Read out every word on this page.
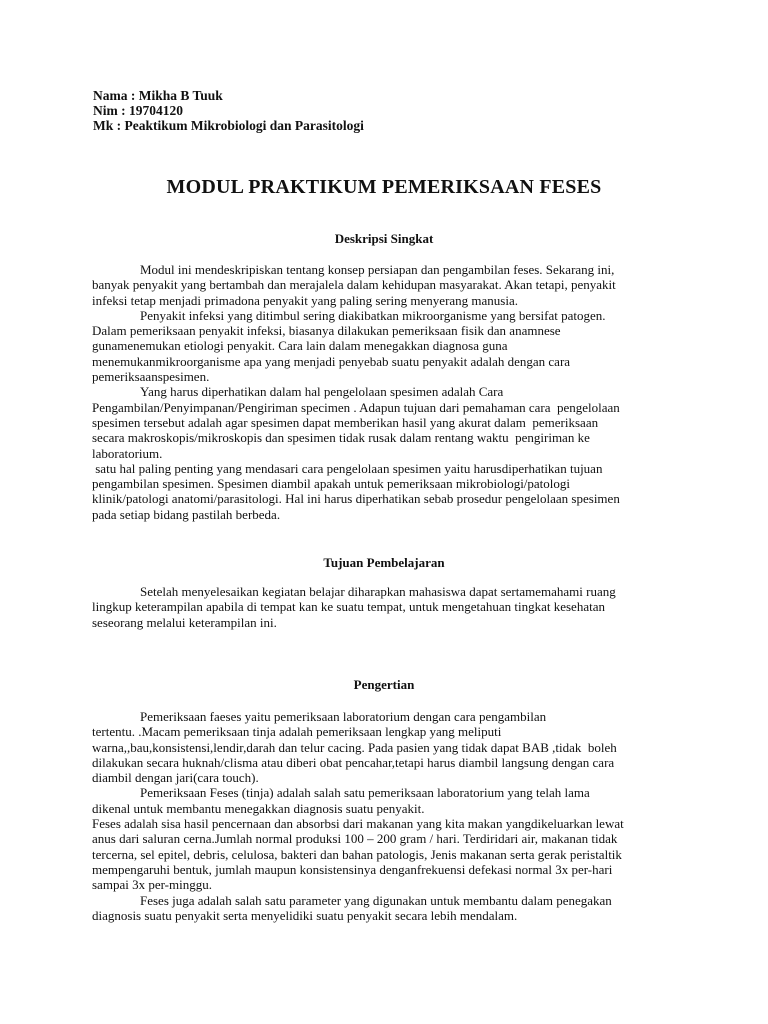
Nama : Mikha B Tuuk
Nim : 19704120
Mk : Peaktikum Mikrobiologi dan Parasitologi
MODUL PRAKTIKUM PEMERIKSAAN FESES
Deskripsi Singkat
Modul ini mendeskripiskan tentang konsep persiapan dan pengambilan feses. Sekarang ini,
banyak penyakit yang bertambah dan merajalela dalam kehidupan masyarakat. Akan tetapi, penyakit
infeksi tetap menjadi primadona penyakit yang paling sering menyerang manusia.
Penyakit infeksi yang ditimbul sering diakibatkan mikroorganisme yang bersifat patogen.
Dalam pemeriksaan penyakit infeksi, biasanya dilakukan pemeriksaan fisik dan anamnese
gunamenemukan etiologi penyakit. Cara lain dalam menegakkan diagnosa guna
menemukanmikroorganisme apa yang menjadi penyebab suatu penyakit adalah dengan cara
pemeriksaanspesimen.
Yang harus diperhatikan dalam hal pengelolaan spesimen adalah Cara
Pengambilan/Penyimpanan/Pengiriman specimen . Adapun tujuan dari pemahaman cara  pengelolaan
spesimen tersebut adalah agar spesimen dapat memberikan hasil yang akurat dalam  pemeriksaan
secara makroskopis/mikroskopis dan spesimen tidak rusak dalam rentang waktu  pengiriman ke
laboratorium.
satu hal paling penting yang mendasari cara pengelolaan spesimen yaitu harusdiperhatikan tujuan
pengambilan spesimen. Spesimen diambil apakah untuk pemeriksaan mikrobiologi/patologi
klinik/patologi anatomi/parasitologi. Hal ini harus diperhatikan sebab prosedur pengelolaan spesimen
pada setiap bidang pastilah berbeda.
Tujuan Pembelajaran
Setelah menyelesaikan kegiatan belajar diharapkan mahasiswa dapat sertamemahami ruang
lingkup keterampilan apabila di tempat kan ke suatu tempat, untuk mengetahuan tingkat kesehatan
seseorang melalui keterampilan ini.
Pengertian
Pemeriksaan faeses yaitu pemeriksaan laboratorium dengan cara pengambilan
tertentu. .Macam pemeriksaan tinja adalah pemeriksaan lengkap yang meliputi
warna,,bau,konsistensi,lendir,darah dan telur cacing. Pada pasien yang tidak dapat BAB ,tidak  boleh
dilakukan secara huknah/clisma atau diberi obat pencahar,tetapi harus diambil langsung dengan cara
diambil dengan jari(cara touch).
Pemeriksaan Feses (tinja) adalah salah satu pemeriksaan laboratorium yang telah lama
dikenal untuk membantu menegakkan diagnosis suatu penyakit.
Feses adalah sisa hasil pencernaan dan absorbsi dari makanan yang kita makan yangdikeluarkan lewat
anus dari saluran cerna.Jumlah normal produksi 100 – 200 gram / hari. Terdiridari air, makanan tidak
tercerna, sel epitel, debris, celulosa, bakteri dan bahan patologis, Jenis makanan serta gerak peristaltik
mempengaruhi bentuk, jumlah maupun konsistensinya denganfrekuensi defekasi normal 3x per-hari
sampai 3x per-minggu.
Feses juga adalah salah satu parameter yang digunakan untuk membantu dalam penegakan
diagnosis suatu penyakit serta menyelidiki suatu penyakit secara lebih mendalam.
